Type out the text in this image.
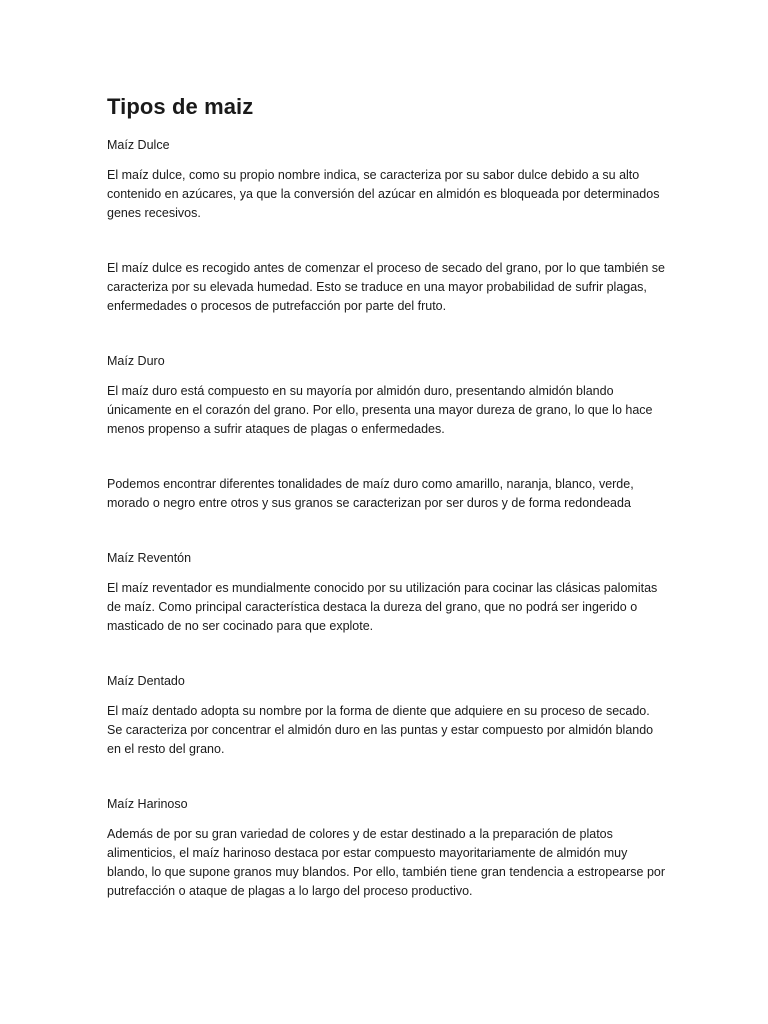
Tipos de maiz

Maíz Dulce

El maíz dulce, como su propio nombre indica, se caracteriza por su sabor dulce debido a su alto contenido en azúcares, ya que la conversión del azúcar en almidón es bloqueada por determinados genes recesivos.

El maíz dulce es recogido antes de comenzar el proceso de secado del grano, por lo que también se caracteriza por su elevada humedad. Esto se traduce en una mayor probabilidad de sufrir plagas, enfermedades o procesos de putrefacción por parte del fruto.

Maíz Duro

El maíz duro está compuesto en su mayoría por almidón duro, presentando almidón blando únicamente en el corazón del grano. Por ello, presenta una mayor dureza de grano, lo que lo hace menos propenso a sufrir ataques de plagas o enfermedades.

Podemos encontrar diferentes tonalidades de maíz duro como amarillo, naranja, blanco, verde, morado o negro entre otros y sus granos se caracterizan por ser duros y de forma redondeada

Maíz Reventón

El maíz reventador es mundialmente conocido por su utilización para cocinar las clásicas palomitas de maíz. Como principal característica destaca la dureza del grano, que no podrá ser ingerido o masticado de no ser cocinado para que explote.

Maíz Dentado

El maíz dentado adopta su nombre por la forma de diente que adquiere en su proceso de secado. Se caracteriza por concentrar el almidón duro en las puntas y estar compuesto por almidón blando en el resto del grano.

Maíz Harinoso

Además de por su gran variedad de colores y de estar destinado a la preparación de platos alimenticios, el maíz harinoso destaca por estar compuesto mayoritariamente de almidón muy blando, lo que supone granos muy blandos. Por ello, también tiene gran tendencia a estropearse por putrefacción o ataque de plagas a lo largo del proceso productivo.
